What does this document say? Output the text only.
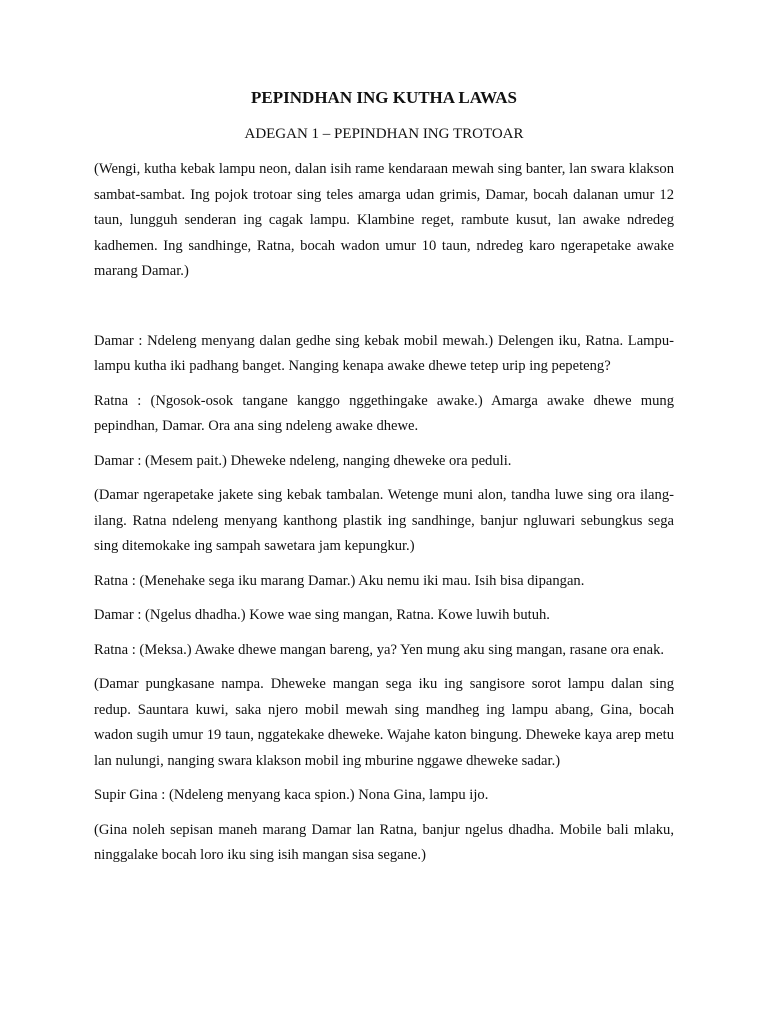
PEPINDHAN ING KUTHA LAWAS

ADEGAN 1 – PEPINDHAN ING TROTOAR

(Wengi, kutha kebak lampu neon, dalan isih rame kendaraan mewah sing banter, lan swara klakson sambat-sambat. Ing pojok trotoar sing teles amarga udan grimis, Damar, bocah dalanan umur 12 taun, lungguh senderan ing cagak lampu. Klambine reget, rambute kusut, lan awake ndredeg kadhemen. Ing sandhinge, Ratna, bocah wadon umur 10 taun, ndredeg karo ngerapetake awake marang Damar.)

Damar : Ndeleng menyang dalan gedhe sing kebak mobil mewah.) Delengen iku, Ratna. Lampu-lampu kutha iki padhang banget. Nanging kenapa awake dhewe tetep urip ing pepeteng?

Ratna : (Ngosok-osok tangane kanggo nggethingake awake.) Amarga awake dhewe mung pepindhan, Damar. Ora ana sing ndeleng awake dhewe.

Damar : (Mesem pait.) Dheweke ndeleng, nanging dheweke ora peduli.

(Damar ngerapetake jakete sing kebak tambalan. Wetenge muni alon, tandha luwe sing ora ilang-ilang. Ratna ndeleng menyang kanthong plastik ing sandhinge, banjur ngluwari sebungkus sega sing ditemokake ing sampah sawetara jam kepungkur.)

Ratna : (Menehake sega iku marang Damar.) Aku nemu iki mau. Isih bisa dipangan.

Damar : (Ngelus dhadha.) Kowe wae sing mangan, Ratna. Kowe luwih butuh.

Ratna : (Meksa.) Awake dhewe mangan bareng, ya? Yen mung aku sing mangan, rasane ora enak.

(Damar pungkasane nampa. Dheweke mangan sega iku ing sangisore sorot lampu dalan sing redup. Sauntara kuwi, saka njero mobil mewah sing mandheg ing lampu abang, Gina, bocah wadon sugih umur 19 taun, nggatekake dheweke. Wajahe katon bingung. Dheweke kaya arep metu lan nulungi, nanging swara klakson mobil ing mburine nggawe dheweke sadar.)

Supir Gina : (Ndeleng menyang kaca spion.) Nona Gina, lampu ijo.

(Gina noleh sepisan maneh marang Damar lan Ratna, banjur ngelus dhadha. Mobile bali mlaku, ninggalake bocah loro iku sing isih mangan sisa segane.)
